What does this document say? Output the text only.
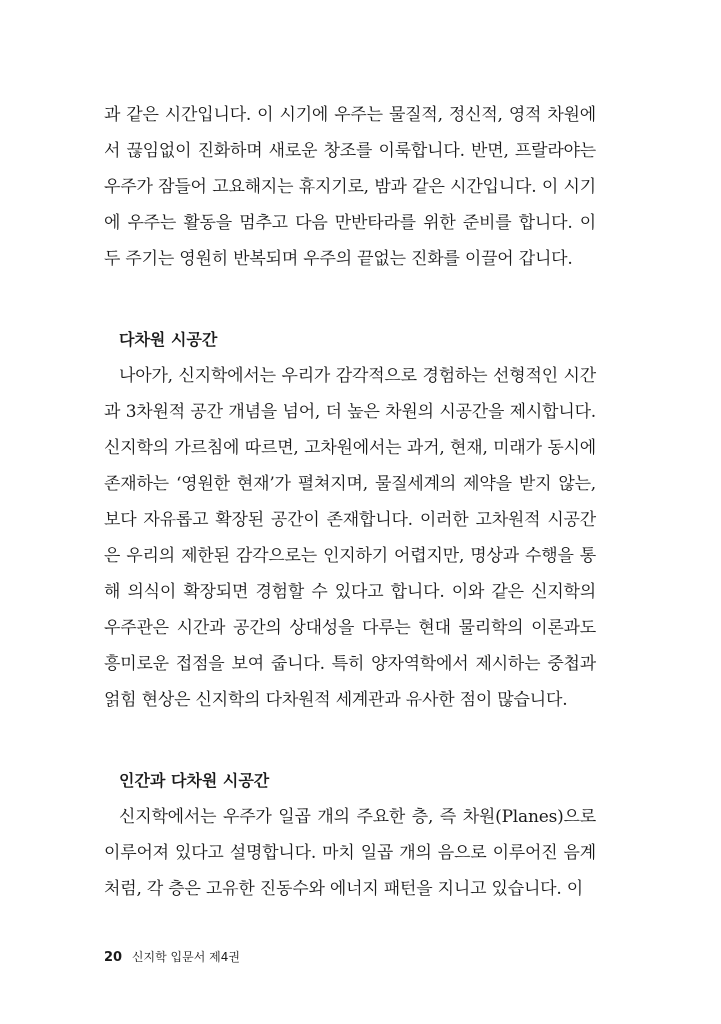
과 같은 시간입니다. 이 시기에 우주는 물질적, 정신적, 영적 차원에서 끊임없이 진화하며 새로운 창조를 이룩합니다. 반면, 프랄라야는 우주가 잠들어 고요해지는 휴지기로, 밤과 같은 시간입니다. 이 시기에 우주는 활동을 멈추고 다음 만반타라를 위한 준비를 합니다. 이 두 주기는 영원히 반복되며 우주의 끝없는 진화를 이끌어 갑니다.

다차원 시공간

나아가, 신지학에서는 우리가 감각적으로 경험하는 선형적인 시간과 3차원적 공간 개념을 넘어, 더 높은 차원의 시공간을 제시합니다. 신지학의 가르침에 따르면, 고차원에서는 과거, 현재, 미래가 동시에 존재하는 ‘영원한 현재’가 펼쳐지며, 물질세계의 제약을 받지 않는, 보다 자유롭고 확장된 공간이 존재합니다. 이러한 고차원적 시공간은 우리의 제한된 감각으로는 인지하기 어렵지만, 명상과 수행을 통해 의식이 확장되면 경험할 수 있다고 합니다. 이와 같은 신지학의 우주관은 시간과 공간의 상대성을 다루는 현대 물리학의 이론과도 흥미로운 접점을 보여 줍니다. 특히 양자역학에서 제시하는 중첩과 얽힘 현상은 신지학의 다차원적 세계관과 유사한 점이 많습니다.

인간과 다차원 시공간

신지학에서는 우주가 일곱 개의 주요한 층, 즉 차원(Planes)으로 이루어져 있다고 설명합니다. 마치 일곱 개의 음으로 이루어진 음계처럼, 각 층은 고유한 진동수와 에너지 패턴을 지니고 있습니다. 이

20 신지학 입문서 제4권
